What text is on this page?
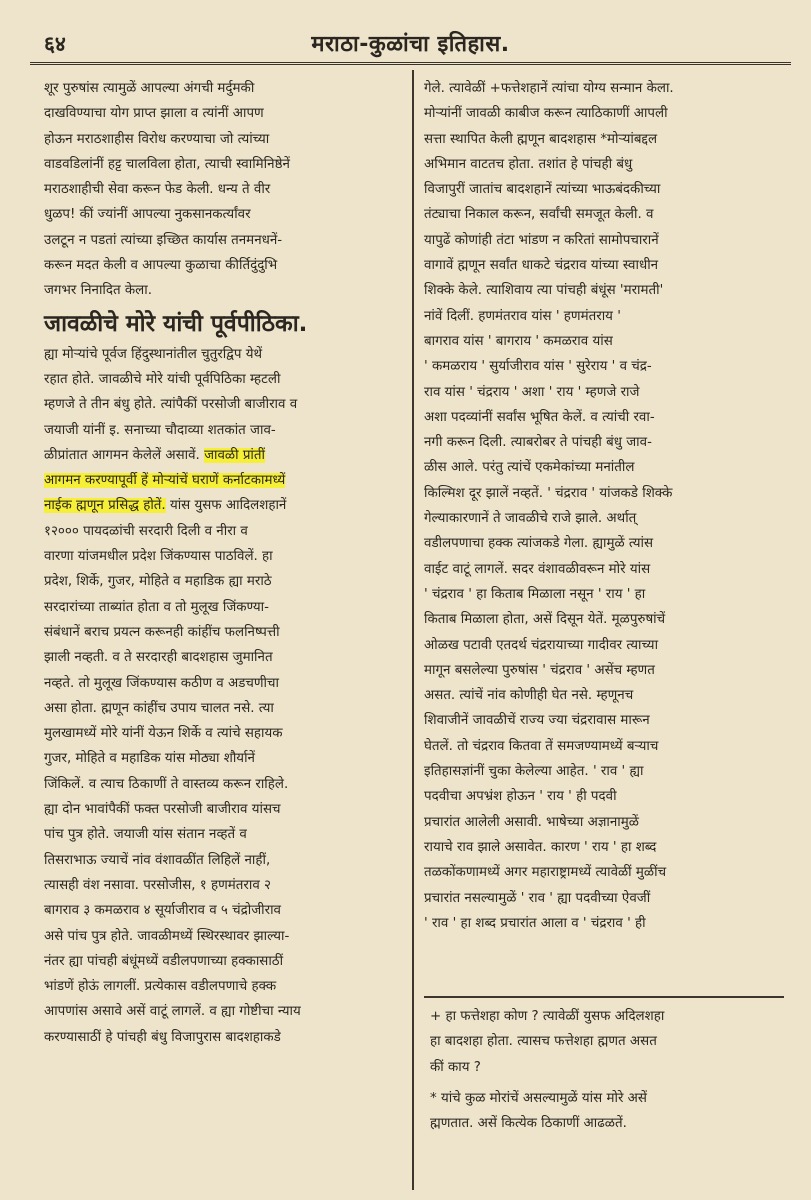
६४	मराठा-कुळांचा इतिहास.
शूर पुरुषांस त्यामुळें आपल्या अंगची मर्दुमकी
दाखविण्याचा योग प्राप्त झाला व त्यांनीं आपण
होऊन मराठशाहीस विरोध करण्याचा जो त्यांच्या
वाडवडिलांनीं हट्ट चालविला होता, त्याची स्वामिनिष्ठेनें
मराठशाहीची सेवा करून फेड केली. धन्य ते वीर
धुळप! कीं ज्यांनीं आपल्या नुकसानकर्त्यांवर
उलटून न पडतां त्यांच्या इच्छित कार्यास तनमनधनें-
करून मदत केली व आपल्या कुळाचा कीर्तिदुंदुभि
जगभर निनादित केला.
जावळीचे मोरे यांची पूर्वपीठिका.
ह्या मोऱ्यांचे पूर्वज हिंदुस्थानांतील चुतुरद्विप येथें
रहात होते. जावळीचे मोरे यांची पूर्वपिठिका म्हटली
म्हणजे ते तीन बंधु होते. त्यांपैकीं परसोजी बाजीराव व
जयाजी यांनीं इ. सनाच्या चौदाव्या शतकांत जाव-
ळीप्रांतात आगमन केलेलें असावें. जावळी प्रांतीं
आगमन करण्यापूर्वी हें मोऱ्यांचें घराणें कर्नाटकामध्यें
नाईक ह्मणून प्रसिद्ध होतें. यांस युसफ आदिलशहानें
१२००० पायदळांची सरदारी दिली व नीरा व
वारणा यांजमधील प्रदेश जिंकण्यास पाठविलें. हा
प्रदेश, शिर्के, गुजर, मोहिते व महाडिक ह्या मराठे
सरदारांच्या ताब्यांत होता व तो मुलूख जिंकण्या-
संबंधानें बराच प्रयत्न करूनही कांहींच फलनिष्पत्ती
झाली नव्हती. व ते सरदारही बादशहास जुमानित
नव्हते. तो मुलूख जिंकण्यास कठीण व अडचणीचा
असा होता. ह्मणून कांहींच उपाय चालत नसे. त्या
मुलखामध्यें मोरे यांनीं येऊन शिर्के व त्यांचे सहायक
गुजर, मोहिते व महाडिक यांस मोठ्या शौर्यानें
जिंकिलें. व त्याच ठिकाणीं ते वास्तव्य करून राहिले.
ह्या दोन भावांपैकीं फक्त परसोजी बाजीराव यांसच
पांच पुत्र होते. जयाजी यांस संतान नव्हतें व
तिसराभाऊ ज्याचें नांव वंशावळींत लिहिलें नाहीं,
त्यासही वंश नसावा. परसोजीस, १ हणमंतराव २
बागराव ३ कमळराव ४ सूर्याजीराव व ५ चंद्रोजीराव
असे पांच पुत्र होते. जावळीमध्यें स्थिरस्थावर झाल्या-
नंतर ह्या पांचही बंधूंमध्यें वडीलपणाच्या हक्कासाठीं
भांडणें होऊं लागलीं. प्रत्येकास वडीलपणाचे हक्क
आपणांस असावे असें वाटूं लागलें. व ह्या गोष्टीचा न्याय
करण्यासाठीं हे पांचही बंधु विजापुरास बादशहाकडे
गेले. त्यावेळीं +फत्तेशहानें त्यांचा योग्य सन्मान केला.
मोऱ्यांनीं जावळी काबीज करून त्याठिकाणीं आपली
सत्ता स्थापित केली ह्मणून बादशहास *मोऱ्यांबद्दल
अभिमान वाटतच होता. तशांत हे पांचही बंधु
विजापुरीं जातांच बादशहानें त्यांच्या भाऊबंदकीच्या
तंट्याचा निकाल करून, सर्वांची समजूत केली. व
यापुढें कोणांही तंटा भांडण न करितां सामोपचारानें
वागावें ह्मणून सर्वांत धाकटे चंद्रराव यांच्या स्वाधीन
शिक्के केले. त्याशिवाय त्या पांचही बंधूंस 'मरामती'
नांवें दिलीं. हणमंतराव यांस ' हणमंतराय '
बागराव यांस ' बागराय ' कमळराव यांस
' कमळराय ' सुर्याजीराव यांस ' सुरेराय ' व चंद्र-
राव यांस ' चंद्रराय ' अशा ' राय ' म्हणजे राजे
अशा पदव्यांनीं सर्वांस भूषित केलें. व त्यांची रवा-
नगी करून दिली. त्याबरोबर ते पांचही बंधु जाव-
ळीस आले. परंतु त्यांचें एकमेकांच्या मनांतील
किल्मिश दूर झालें नव्हतें. ' चंद्रराव ' यांजकडे शिक्के
गेल्याकारणानें ते जावळीचे राजे झाले. अर्थात्
वडीलपणाचा हक्क त्यांजकडे गेला. ह्यामुळें त्यांस
वाईट वाटूं लागलें. सदर वंशावळीवरून मोरे यांस
' चंद्रराव ' हा किताब मिळाला नसून ' राय ' हा
किताब मिळाला होता, असें दिसून येतें. मूळपुरुषांचें
ओळख पटावी एतदर्थ चंद्ररायाच्या गादीवर त्याच्या
मागून बसलेल्या पुरुषांस ' चंद्रराव ' असेंच म्हणत
असत. त्यांचें नांव कोणीही घेत नसे. म्हणूनच
शिवाजीनें जावळीचें राज्य ज्या चंद्ररावास मारून
घेतलें. तो चंद्रराव कितवा तें समजण्यामध्यें बऱ्याच
इतिहासज्ञांनीं चुका केलेल्या आहेत. ' राव ' ह्या
पदवीचा अपभ्रंश होऊन ' राय ' ही पदवी
प्रचारांत आलेली असावी. भाषेच्या अज्ञानामुळें
रायाचे राव झाले असावेत. कारण ' राय ' हा शब्द
तळकोंकणामध्यें अगर महाराष्ट्रामध्यें त्यावेळीं मुळींच
प्रचारांत नसल्यामुळें ' राव ' ह्या पदवीच्या ऐवजीं
' राव ' हा शब्द प्रचारांत आला व ' चंद्रराव ' ही
+ हा फत्तेशहा कोण ? त्यावेळीं युसफ अदिलशहा
हा बादशहा होता. त्यासच फत्तेशहा ह्मणत असत
कीं काय ?
* यांचे कुळ मोरांचें असल्यामुळें यांस मोरे असें
ह्मणतात. असें कित्येक ठिकाणीं आढळतें.
